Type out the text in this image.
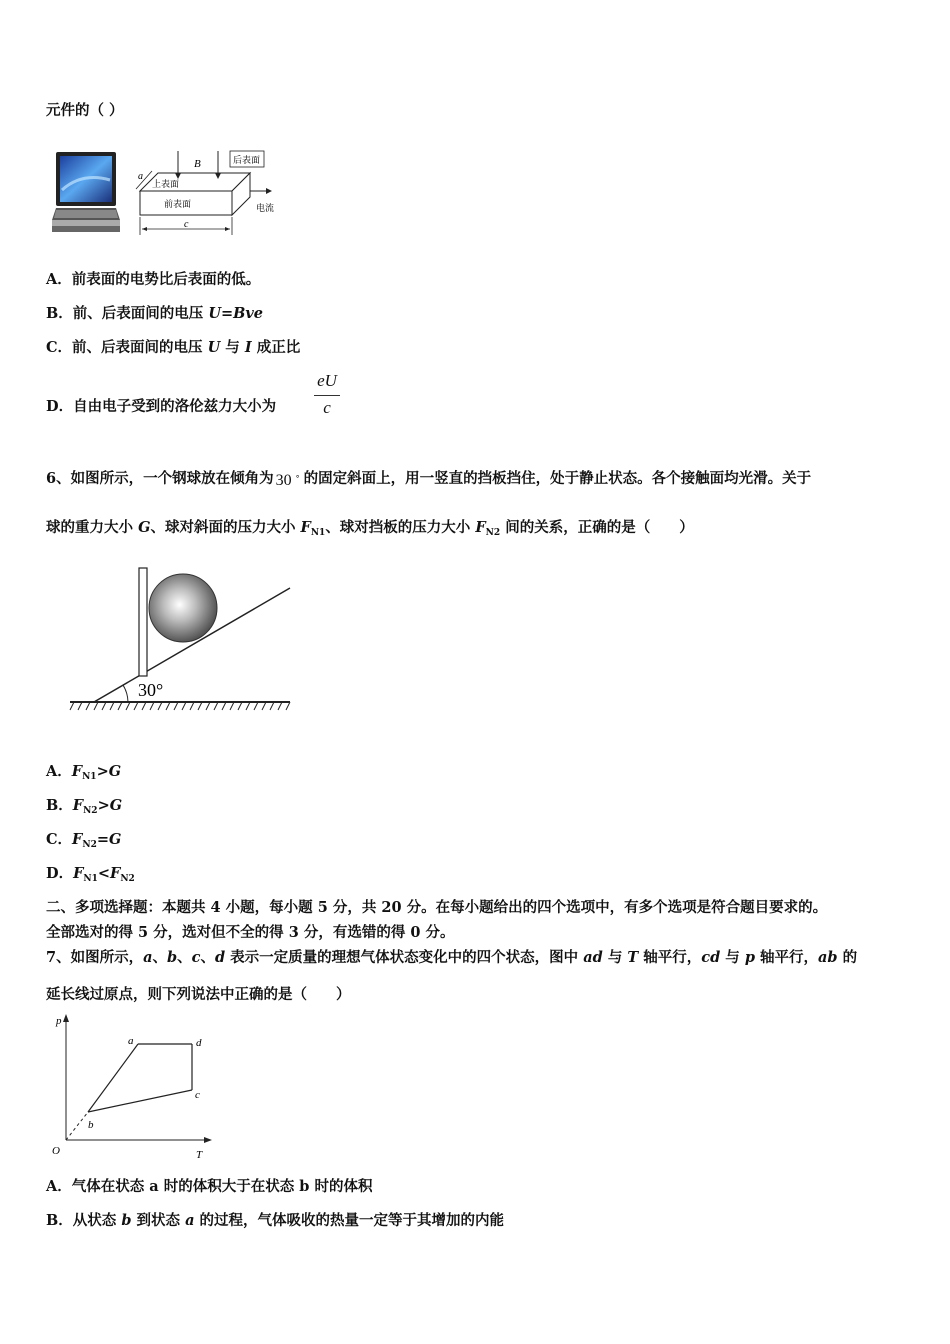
元件的（ ）
a
B	后表面
上表面
前表面	电流
c
A．前表面的电势比后表面的低。
B．前、后表面间的电压 U=Bve
C．前、后表面间的电压 U 与 I 成正比
D．自由电子受到的洛伦兹力大小为
eU
c
6、如图所示，一个钢球放在倾角为 30 ° 的固定斜面上，用一竖直的挡板挡住，处于静止状态。各个接触面均光滑。关于
球的重力大小 G、球对斜面的压力大小 $F_{N1}$、球对挡板的压力大小 $F_{N2}$ 间的关系，正确的是（　　）
30°
A．$F_{N1}>G$
B．$F_{N2}>G$
C．$F_{N2}=G$
D．$F_{N1}<F_{N2}$
二、多项选择题：本题共 4 小题，每小题 5 分，共 20 分。在每小题给出的四个选项中，有多个选项是符合题目要求的。
全部选对的得 5 分，选对但不全的得 3 分，有选错的得 0 分。
7、如图所示，a、b、c、d 表示一定质量的理想气体状态变化中的四个状态，图中 ad 与 T 轴平行，cd 与 p 轴平行，ab 的
延长线过原点，则下列说法中正确的是（　　）
p
T
O
a
b
c
d
A．气体在状态 a 时的体积大于在状态 b 时的体积
B．从状态 b 到状态 a 的过程，气体吸收的热量一定等于其增加的内能
